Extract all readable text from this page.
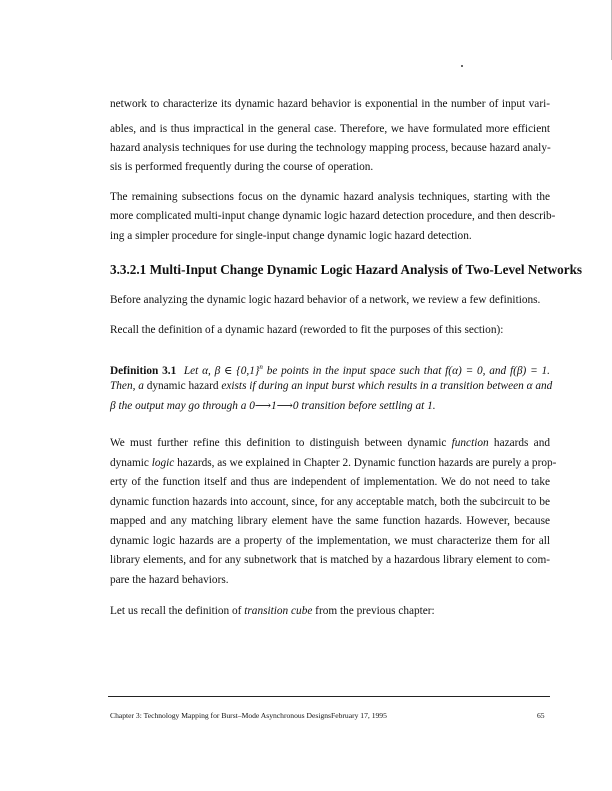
network to characterize its dynamic hazard behavior is exponential in the number of input vari-
ables, and is thus impractical in the general case. Therefore, we have formulated more efficient
hazard analysis techniques for use during the technology mapping process, because hazard analy-
sis is performed frequently during the course of operation.
The remaining subsections focus on the dynamic hazard analysis techniques, starting with the
more complicated multi-input change dynamic logic hazard detection procedure, and then describ-
ing a simpler procedure for single-input change dynamic logic hazard detection.
3.3.2.1 Multi-Input Change Dynamic Logic Hazard Analysis of Two-Level Networks
Before analyzing the dynamic logic hazard behavior of a network, we review a few definitions.
Recall the definition of a dynamic hazard (reworded to fit the purposes of this section):
Definition 3.1 Let α, β ∈ $\{0,1\}^n$ be points in the input space such that f(α) = 0, and f(β) = 1.
Then, a dynamic hazard exists if during an input burst which results in a transition between α and
β the output may go through a 0⟶1⟶0 transition before settling at 1.
We must further refine this definition to distinguish between dynamic function hazards and
dynamic logic hazards, as we explained in Chapter 2. Dynamic function hazards are purely a prop-
erty of the function itself and thus are independent of implementation. We do not need to take
dynamic function hazards into account, since, for any acceptable match, both the subcircuit to be
mapped and any matching library element have the same function hazards. However, because
dynamic logic hazards are a property of the implementation, we must characterize them for all
library elements, and for any subnetwork that is matched by a hazardous library element to com-
pare the hazard behaviors.
Let us recall the definition of transition cube from the previous chapter:
Chapter 3: Technology Mapping for Burst–Mode Asynchronous DesignsFebruary 17, 1995	65
